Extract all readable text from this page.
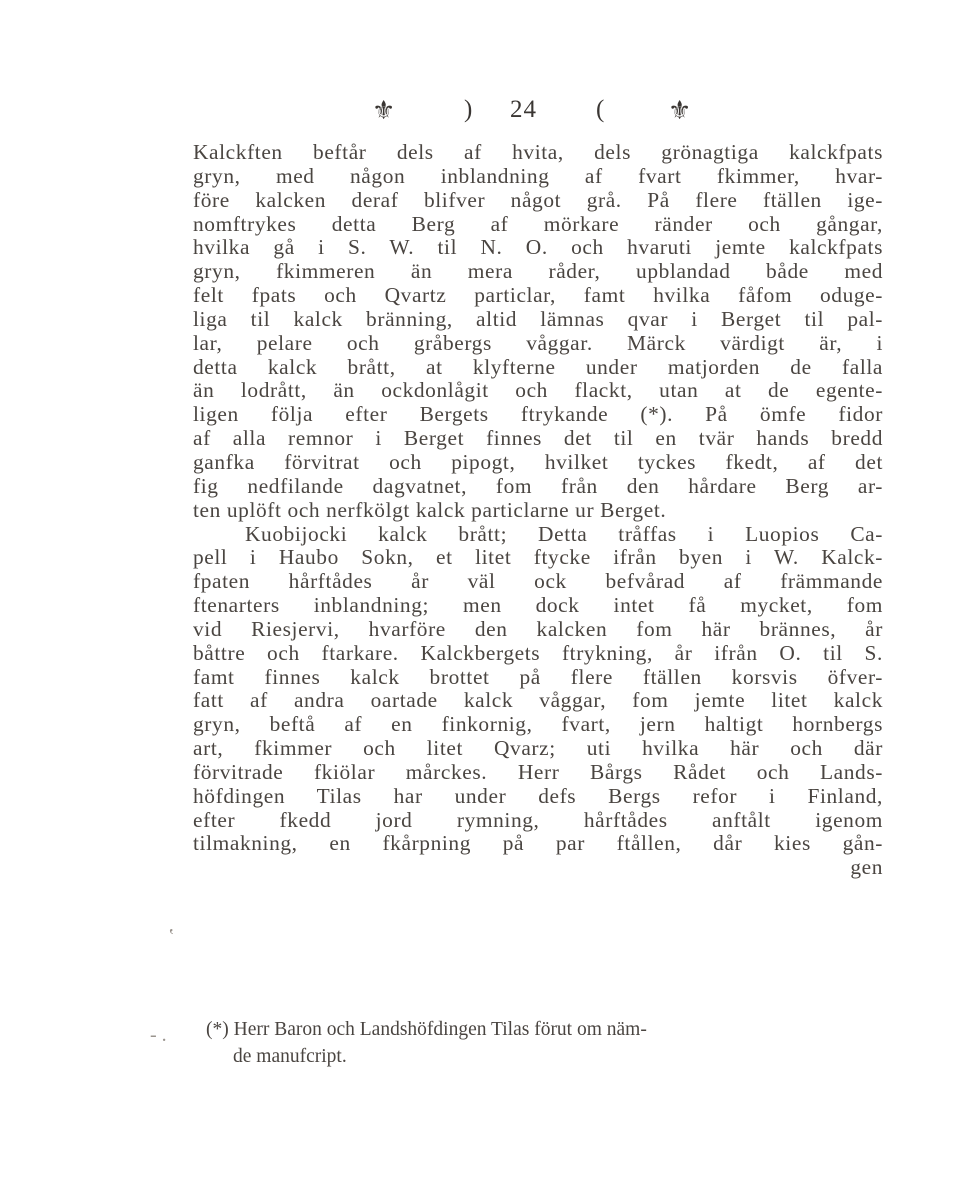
⚜	) 24 ( ⚜
Kalckften beftår dels af hvita, dels grönagtiga kalckfpats
gryn, med någon inblandning af fvart fkimmer, hvar-
före kalcken deraf blifver något grå. På flere ftällen ige-
nomftrykes detta Berg af mörkare ränder och gångar,
hvilka gå i S. W. til N. O. och hvaruti jemte kalckfpats
gryn, fkimmeren än mera råder, upblandad både med
felt fpats och Qvartz particlar, famt hvilka fåfom oduge-
liga til kalck bränning, altid lämnas qvar i Berget til pal-
lar, pelare och gråbergs våggar. Märck värdigt är, i
detta kalck brått, at klyfterne under matjorden de falla
än lodrått, än ockdonlågit och flackt, utan at de egente-
ligen följa efter Bergets ftrykande (*). På ömfe fidor
af alla remnor i Berget finnes det til en tvär hands bredd
ganfka förvitrat och pipogt, hvilket tyckes fkedt, af det
fig nedfilande dagvatnet, fom från den hårdare Berg ar-
ten uplöft och nerfkölgt kalck particlarne ur Berget.
Kuobijocki kalck brått; Detta tråffas i Luopios Ca-
pell i Haubo Sokn, et litet ftycke ifrån byen i W. Kalck-
fpaten hårftådes år väl ock befvårad af främmande
ftenarters inblandning; men dock intet få mycket, fom
vid Riesjervi, hvarföre den kalcken fom här brännes, år
båttre och ftarkare. Kalckbergets ftrykning, år ifrån O. til S.
famt finnes kalck brottet på flere ftällen korsvis öfver-
fatt af andra oartade kalck våggar, fom jemte litet kalck
gryn, beftå af en finkornig, fvart, jern haltigt hornbergs
art, fkimmer och litet Qvarz; uti hvilka här och där
förvitrade fkiölar mårckes. Herr Bårgs Rådet och Lands-
höfdingen Tilas har under defs Bergs refor i Finland,
efter fkedd jord rymning, hårftådes anftålt igenom
tilmakning, en fkårpning på par ftållen, dår kies gån-
gen
(*) Herr Baron och Landshöfdingen Tilas förut om näm-
de manufcript.
‛
- .
